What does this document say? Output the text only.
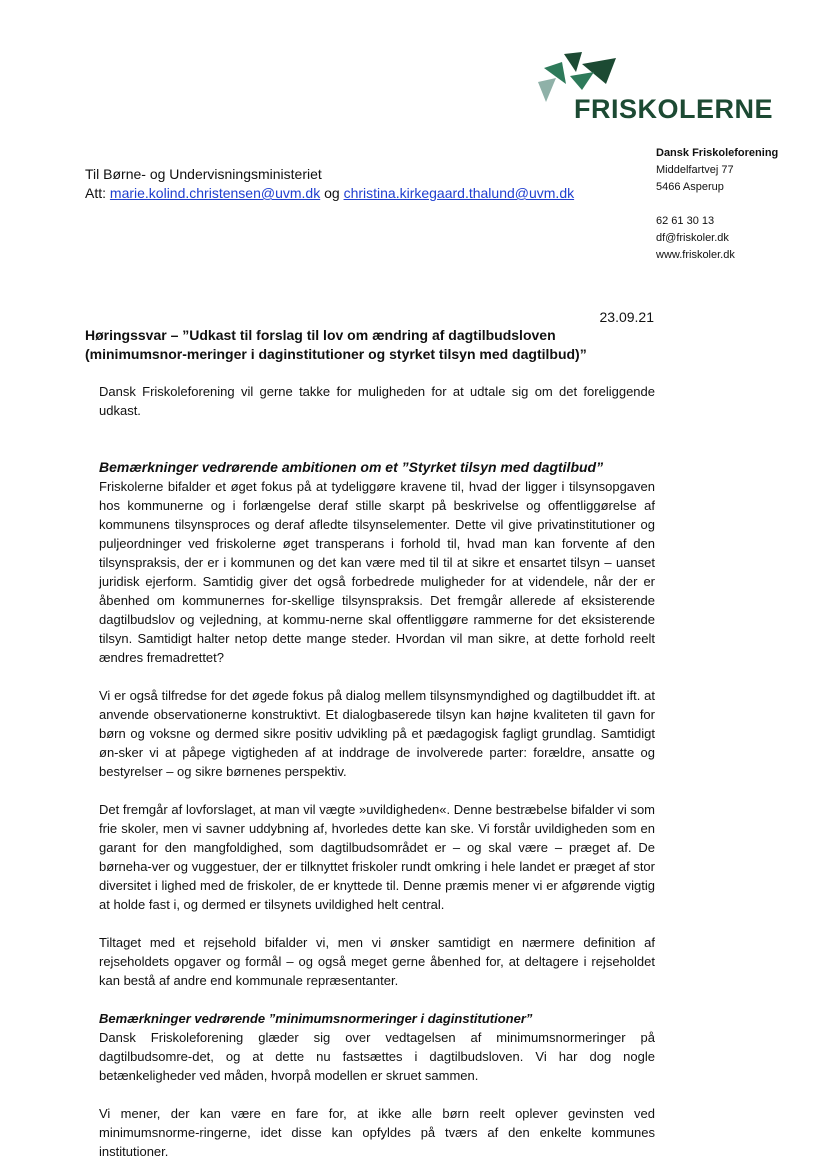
FRISKOLERNE
Dansk Friskoleforening
Middelfartvej 77
5466 Asperup
62 61 30 13
df@friskoler.dk
www.friskoler.dk
Til Børne- og Undervisningsministeriet
Att: marie.kolind.christensen@uvm.dk og christina.kirkegaard.thalund@uvm.dk
23.09.21
Høringssvar – ”Udkast til forslag til lov om ændring af dagtilbudsloven (minimumsnor-meringer i daginstitutioner og styrket tilsyn med dagtilbud)”

Dansk Friskoleforening vil gerne takke for muligheden for at udtale sig om det foreliggende udkast.

Bemærkninger vedrørende ambitionen om et ”Styrket tilsyn med dagtilbud”

Friskolerne bifalder et øget fokus på at tydeliggøre kravene til, hvad der ligger i tilsynsopgaven hos kommunerne og i forlængelse deraf stille skarpt på beskrivelse og offentliggørelse af kommunens tilsynsproces og deraf afledte tilsynselementer. Dette vil give privatinstitutioner og puljeordninger ved friskolerne øget transperans i forhold til, hvad man kan forvente af den tilsynspraksis, der er i kommunen og det kan være med til til at sikre et ensartet tilsyn – uanset juridisk ejerform. Samtidig giver det også forbedrede muligheder for at videndele, når der er åbenhed om kommunernes for-skellige tilsynspraksis. Det fremgår allerede af eksisterende dagtilbudslov og vejledning, at kommu-nerne skal offentliggøre rammerne for det eksisterende tilsyn. Samtidigt halter netop dette mange steder. Hvordan vil man sikre, at dette forhold reelt ændres fremadrettet?

Vi er også tilfredse for det øgede fokus på dialog mellem tilsynsmyndighed og dagtilbuddet ift. at anvende observationerne konstruktivt. Et dialogbaserede tilsyn kan højne kvaliteten til gavn for børn og voksne og dermed sikre positiv udvikling på et pædagogisk fagligt grundlag. Samtidigt øn-sker vi at påpege vigtigheden af at inddrage de involverede parter: forældre, ansatte og bestyrelser – og sikre børnenes perspektiv.

Det fremgår af lovforslaget, at man vil vægte »uvildigheden«. Denne bestræbelse bifalder vi som frie skoler, men vi savner uddybning af, hvorledes dette kan ske. Vi forstår uvildigheden som en garant for den mangfoldighed, som dagtilbudsområdet er – og skal være – præget af. De børneha-ver og vuggestuer, der er tilknyttet friskoler rundt omkring i hele landet er præget af stor diversitet i lighed med de friskoler, de er knyttede til. Denne præmis mener vi er afgørende vigtig at holde fast i, og dermed er tilsynets uvildighed helt central.

Tiltaget med et rejsehold bifalder vi, men vi ønsker samtidigt en nærmere definition af rejseholdets opgaver og formål – og også meget gerne åbenhed for, at deltagere i rejseholdet kan bestå af andre end kommunale repræsentanter.

Bemærkninger vedrørende ”minimumsnormeringer i daginstitutioner”

Dansk Friskoleforening glæder sig over vedtagelsen af minimumsnormeringer på dagtilbudsomre-det, og at dette nu fastsættes i dagtilbudsloven. Vi har dog nogle betænkeligheder ved måden, hvorpå modellen er skruet sammen.

Vi mener, der kan være en fare for, at ikke alle børn reelt oplever gevinsten ved minimumsnorme-ringerne, idet disse kan opfyldes på tværs af den enkelte kommunes institutioner.
